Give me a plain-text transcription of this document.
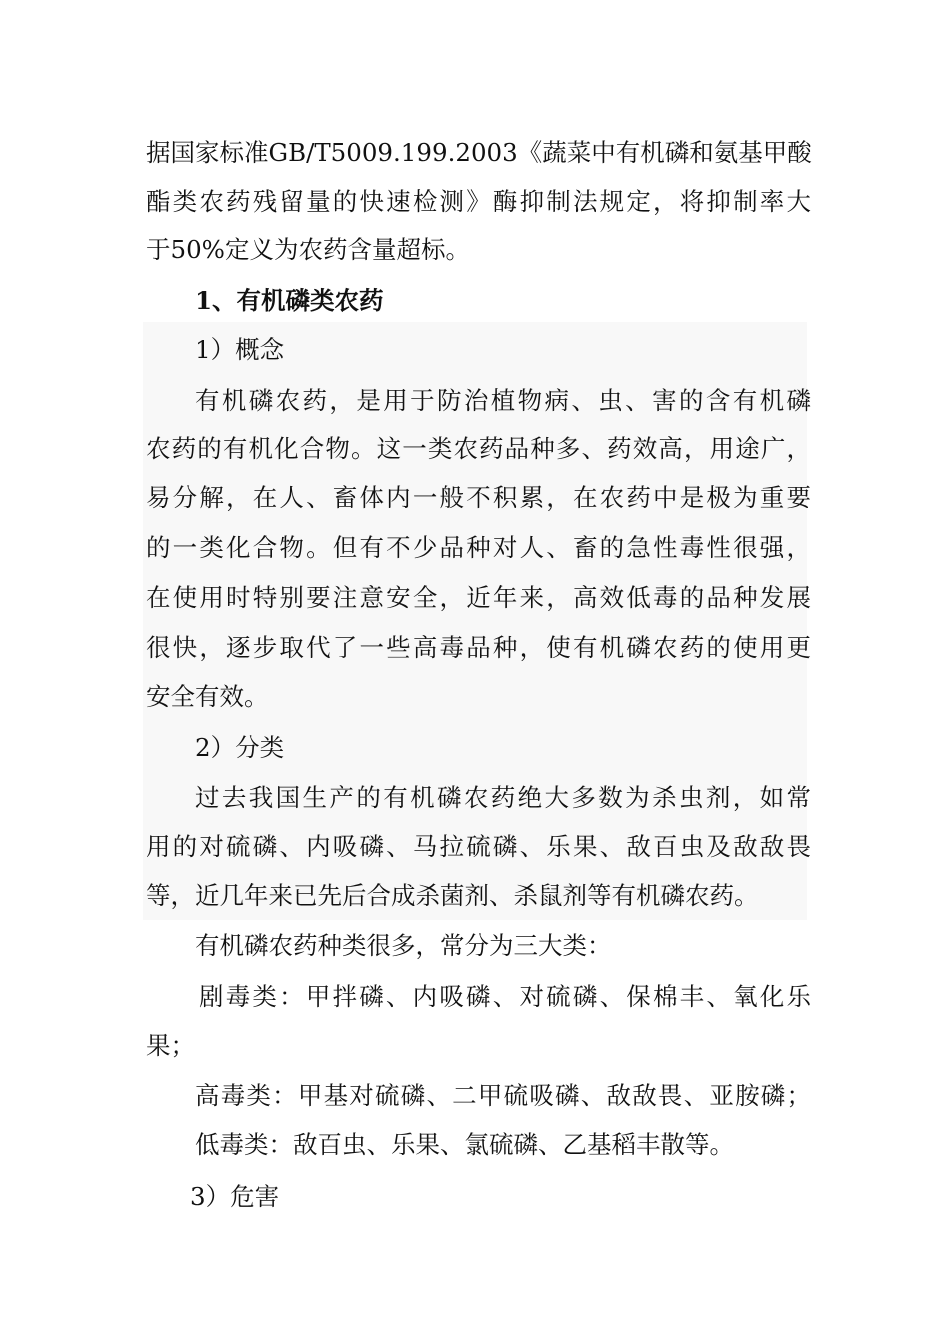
据国家标准GB/T5009.199.2003《蔬菜中有机磷和氨基甲酸
酯类农药残留量的快速检测》酶抑制法规定，将抑制率大
于50%定义为农药含量超标。
1、有机磷类农药
1）概念
有机磷农药，是用于防治植物病、虫、害的含有机磷
农药的有机化合物。这一类农药品种多、药效高，用途广，
易分解，在人、畜体内一般不积累，在农药中是极为重要
的一类化合物。但有不少品种对人、畜的急性毒性很强，
在使用时特别要注意安全，近年来，高效低毒的品种发展
很快，逐步取代了一些高毒品种，使有机磷农药的使用更
安全有效。
2）分类
过去我国生产的有机磷农药绝大多数为杀虫剂，如常
用的对硫磷、内吸磷、马拉硫磷、乐果、敌百虫及敌敌畏
等，近几年来已先后合成杀菌剂、杀鼠剂等有机磷农药。
有机磷农药种类很多，常分为三大类：
剧毒类：甲拌磷、内吸磷、对硫磷、保棉丰、氧化乐
果；
高毒类：甲基对硫磷、二甲硫吸磷、敌敌畏、亚胺磷；
低毒类：敌百虫、乐果、氯硫磷、乙基稻丰散等。
3）危害
